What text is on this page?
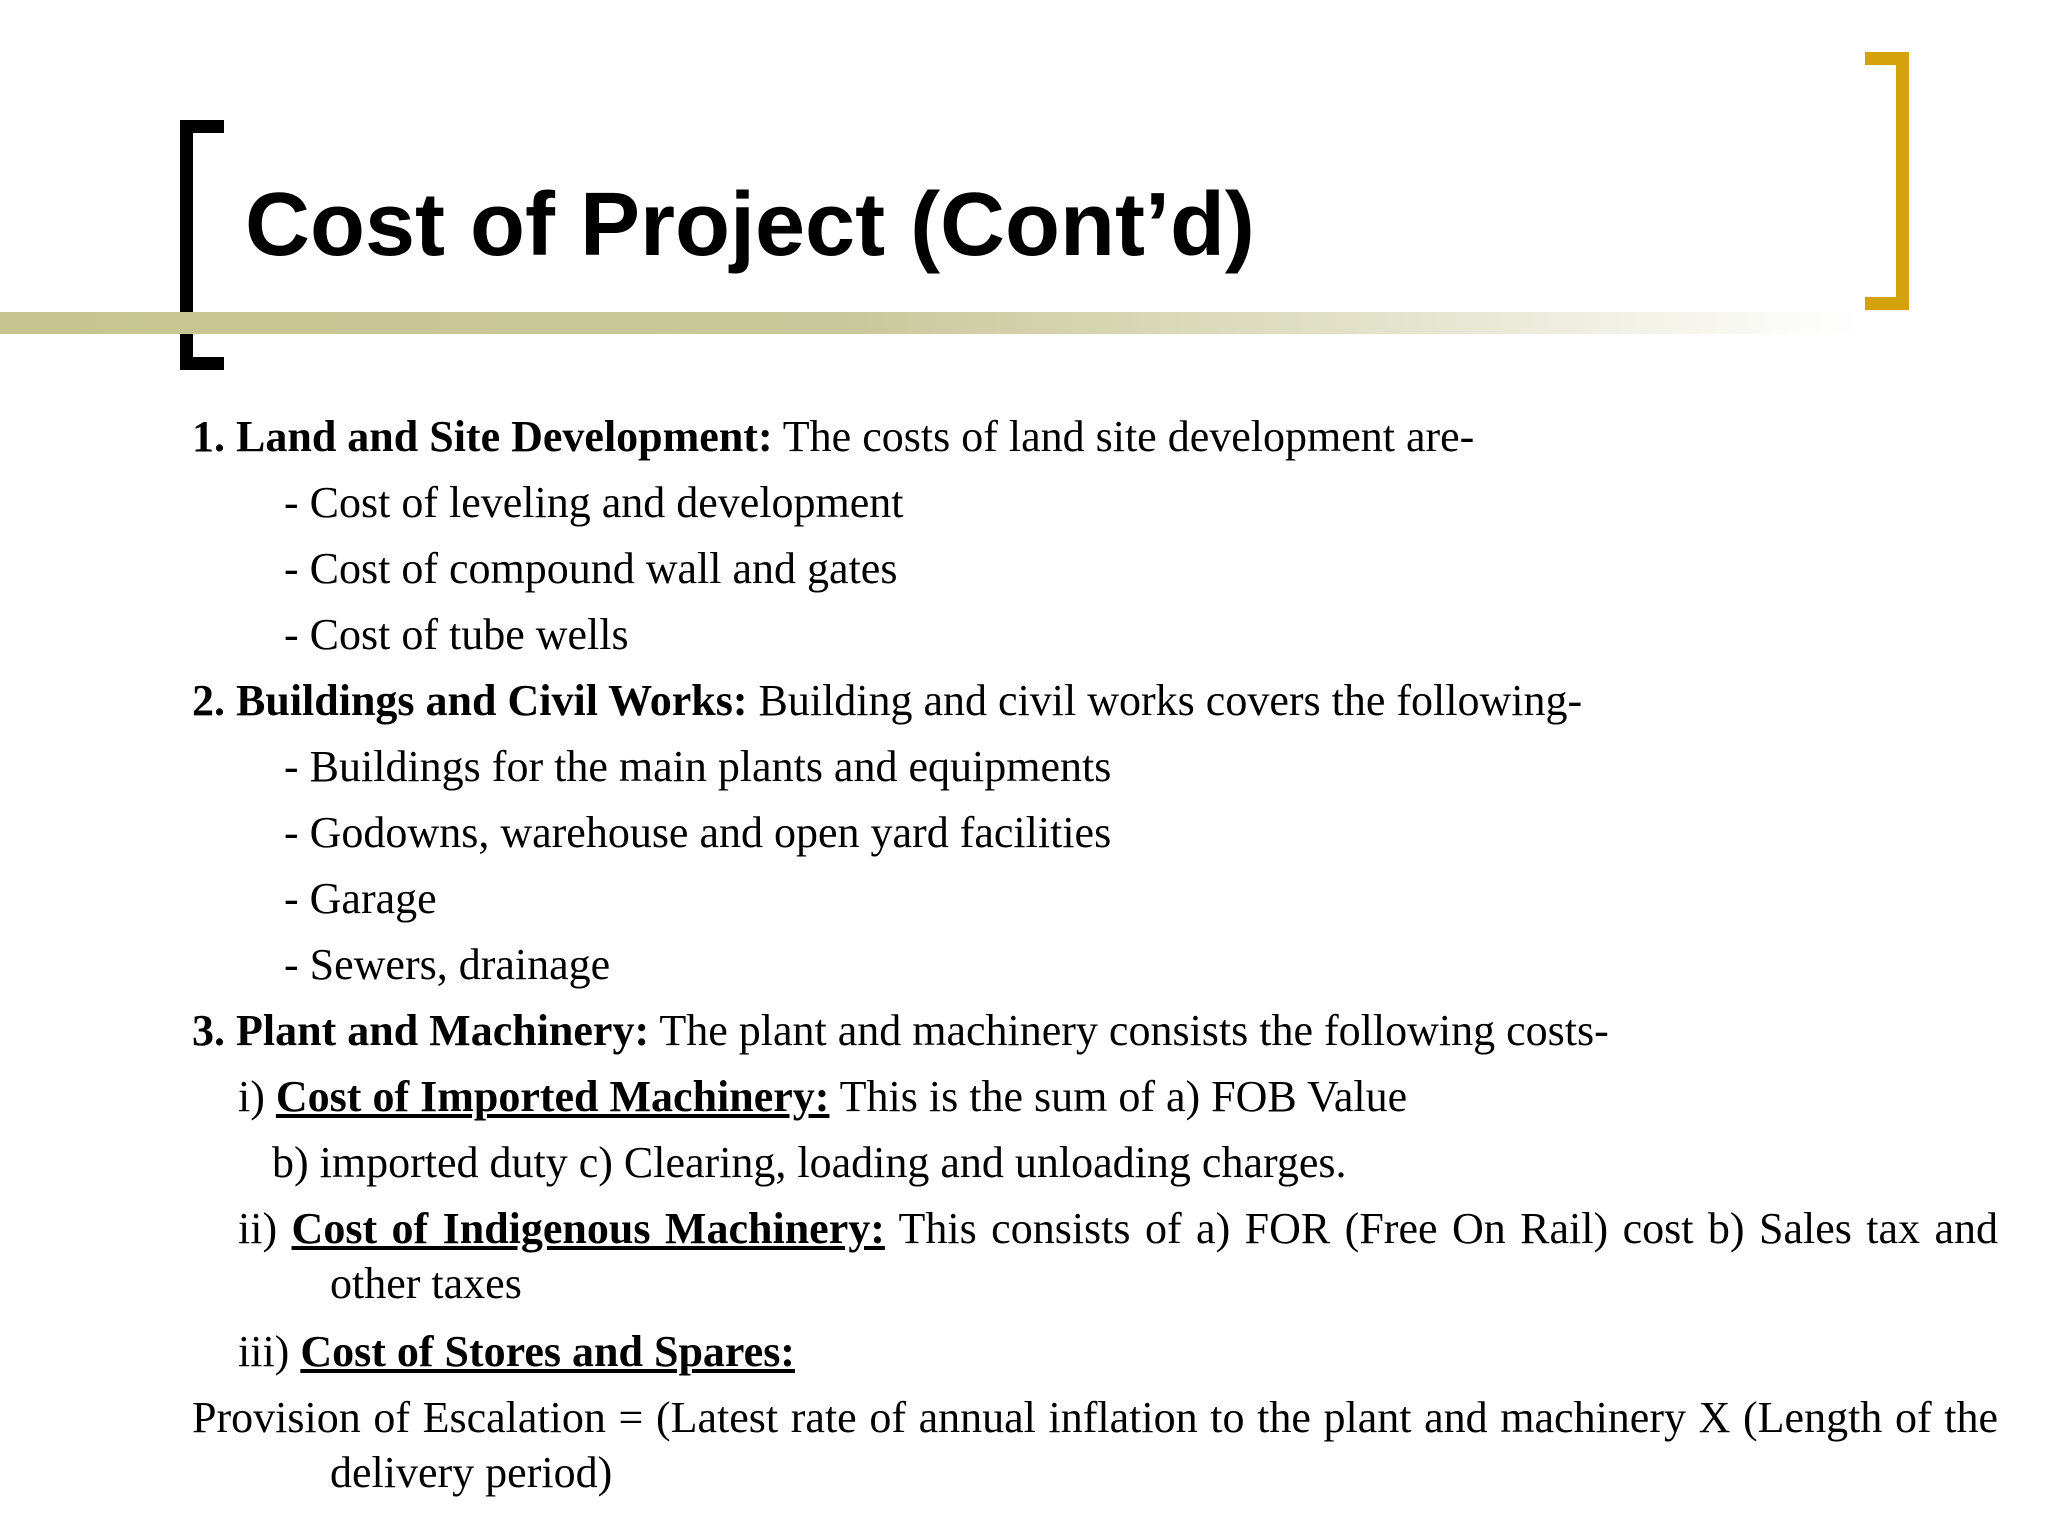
Cost of Project (Cont’d)

1. Land and Site Development: The costs of land site development are-

- Cost of leveling and development

- Cost of compound wall and gates

- Cost of tube wells

2. Buildings and Civil Works: Building and civil works covers the following-

- Buildings for the main plants and equipments

- Godowns, warehouse and open yard facilities

- Garage

- Sewers, drainage

3. Plant and Machinery: The plant and machinery consists the following costs-

i) Cost of Imported Machinery: This is the sum of a) FOB Value

b) imported duty c) Clearing, loading and unloading charges.

ii) Cost of Indigenous Machinery: This consists of a) FOR (Free On Rail) cost b) Sales tax and other taxes

iii) Cost of Stores and Spares:

Provision of Escalation = (Latest rate of annual inflation to the plant and machinery X (Length of the delivery period)
